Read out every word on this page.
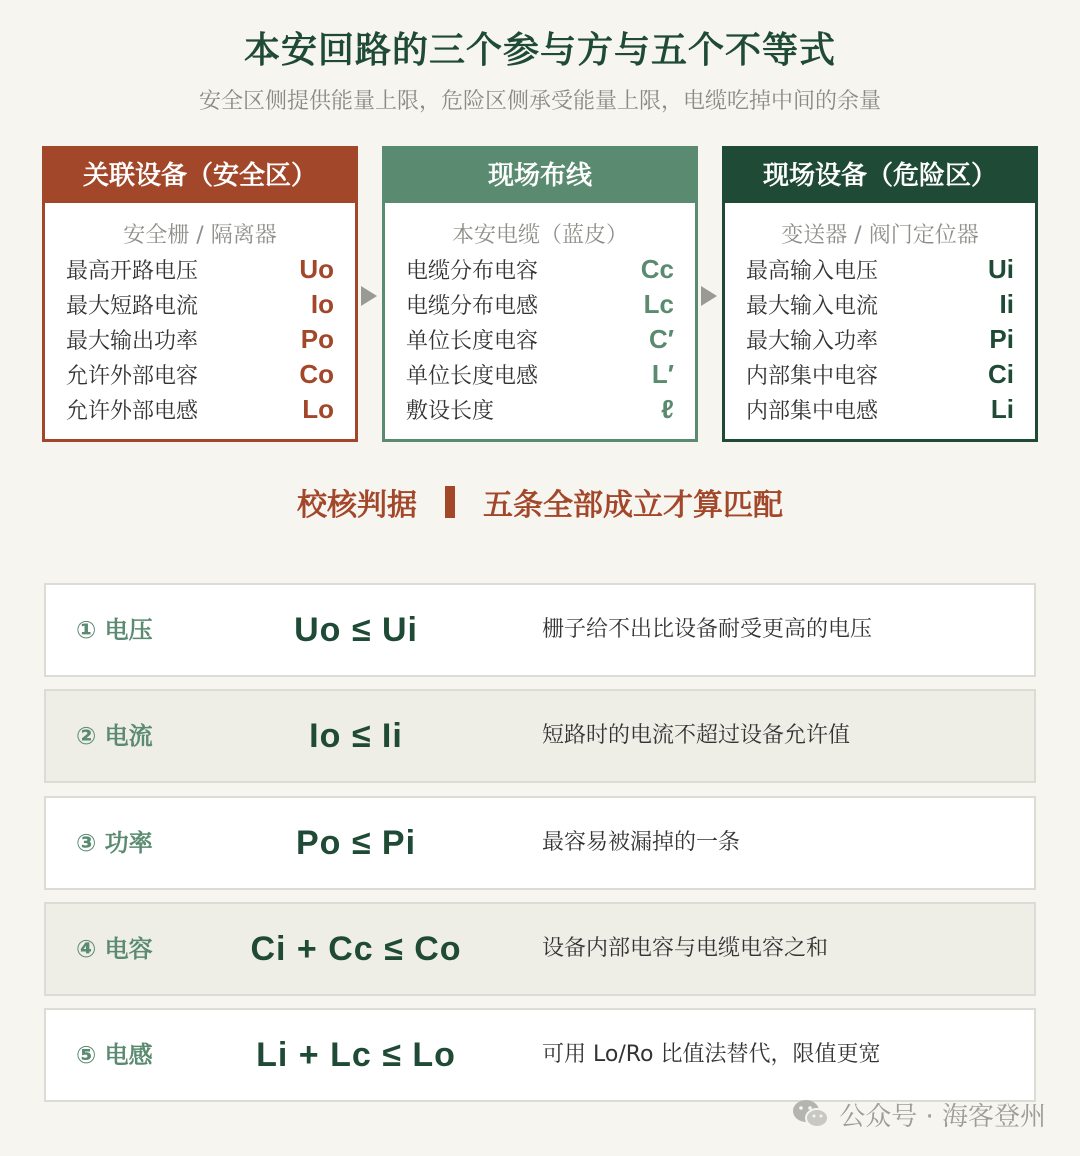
本安回路的三个参与方与五个不等式
安全区侧提供能量上限，危险区侧承受能量上限，电缆吃掉中间的余量
关联设备（安全区）
安全栅 / 隔离器
最高开路电压	Uo
最大短路电流	Io
最大输出功率	Po
允许外部电容	Co
允许外部电感	Lo
现场布线
本安电缆（蓝皮）
电缆分布电容	Cc
电缆分布电感	Lc
单位长度电容	C′
单位长度电感	L′
敷设长度	ℓ
现场设备（危险区）
变送器 / 阀门定位器
最高输入电压	Ui
最大输入电流	Ii
最大输入功率	Pi
内部集中电容	Ci
内部集中电感	Li
校核判据 五条全部成立才算匹配
① 电压	Uo ≤ Ui	栅子给不出比设备耐受更高的电压
② 电流	Io ≤ Ii	短路时的电流不超过设备允许值
③ 功率	Po ≤ Pi	最容易被漏掉的一条
④ 电容	Ci + Cc ≤ Co	设备内部电容与电缆电容之和
⑤ 电感	Li + Lc ≤ Lo	可用 Lo/Ro 比值法替代，限值更宽
公众号 · 海客登州
